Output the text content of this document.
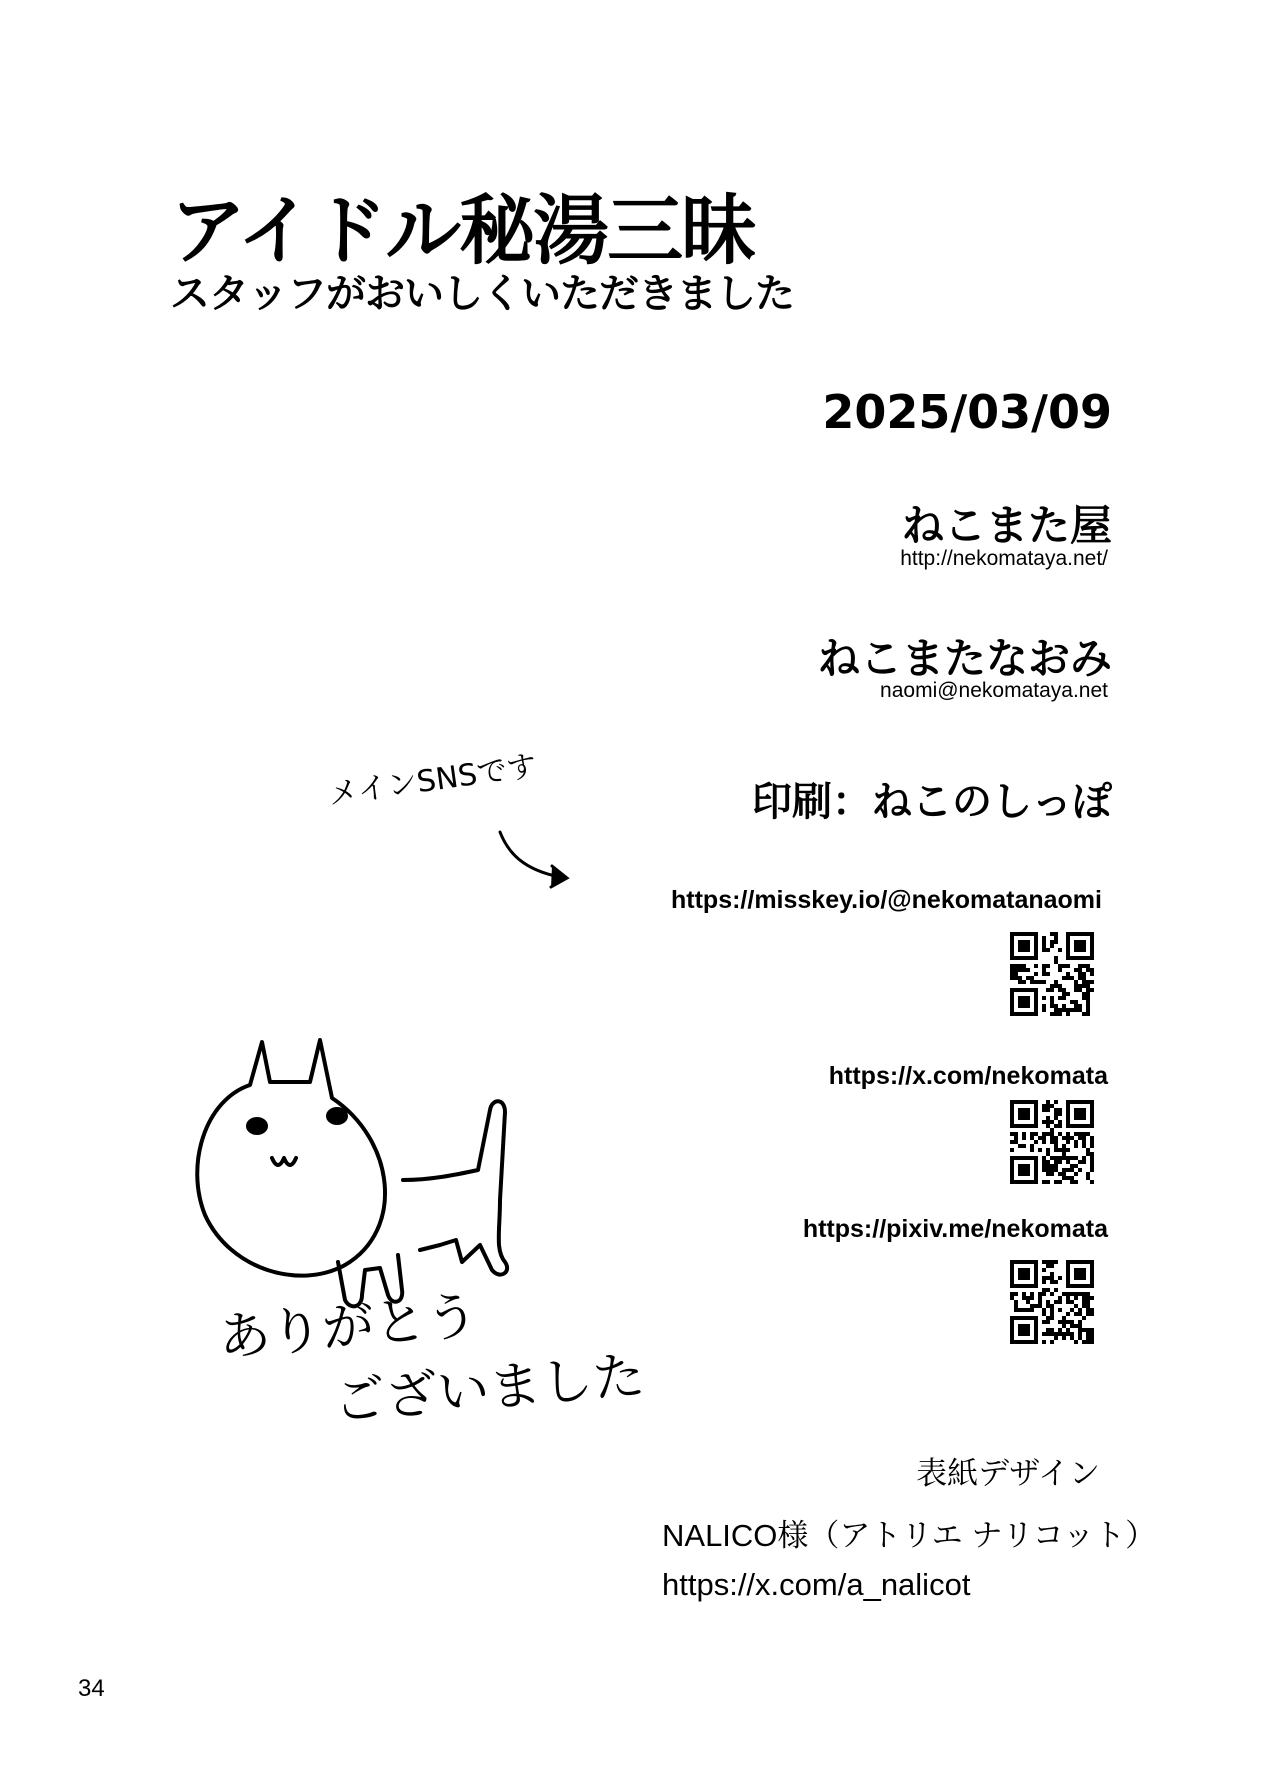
アイドル秘湯三昧
スタッフがおいしくいただきました
2025/03/09
ねこまた屋
http://nekomataya.net/
ねこまたなおみ
naomi@nekomataya.net
印刷：ねこのしっぽ
メインSNSです
https://misskey.io/@nekomatanaomi
https://x.com/nekomata
https://pixiv.me/nekomata
ありがとう
ございました
表紙デザイン
NALICO様（アトリエ ナリコット）
https://x.com/a_nalicot
34
